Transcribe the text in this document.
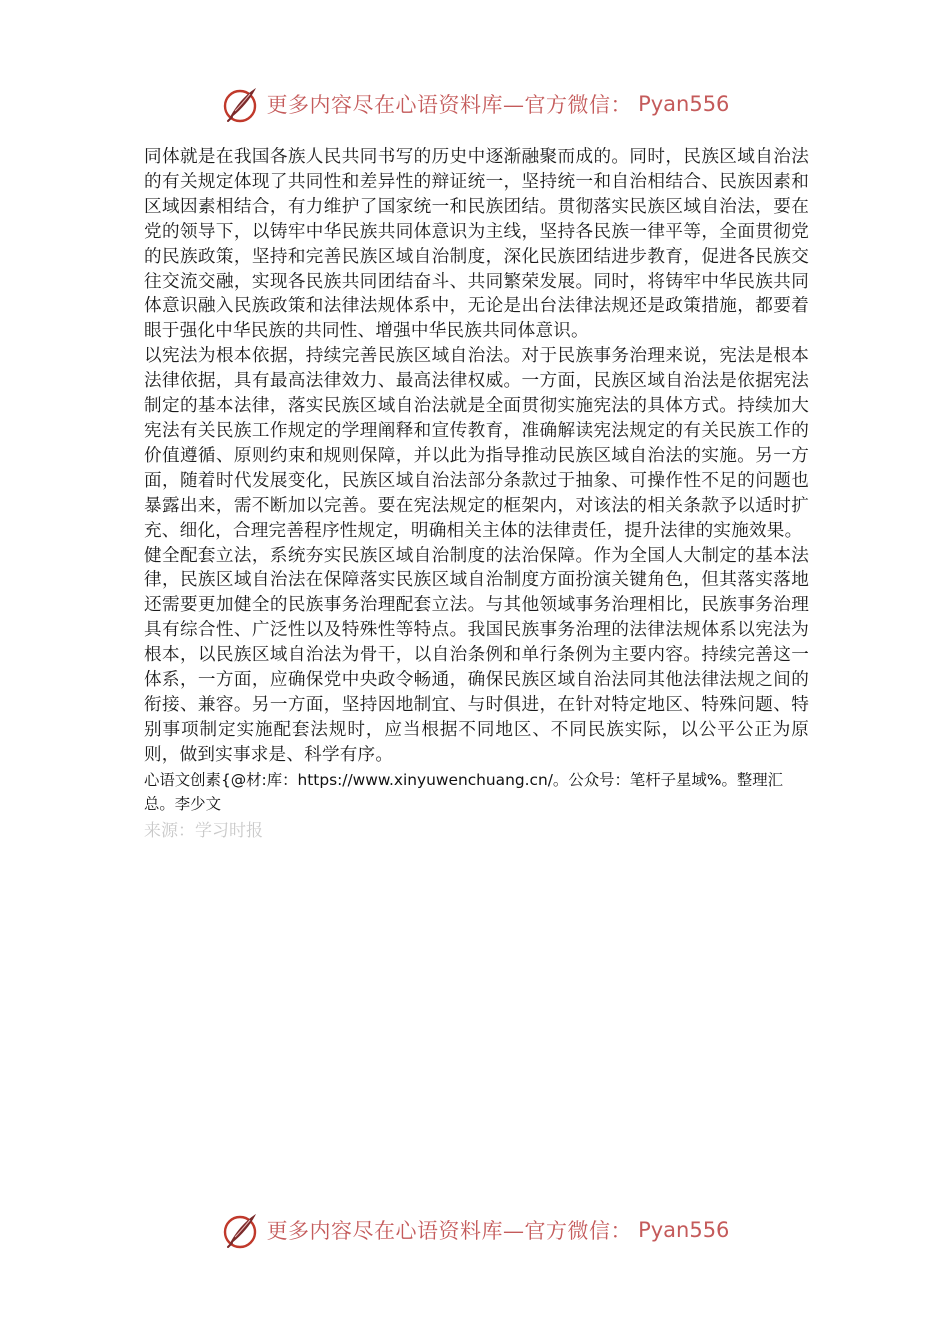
更多内容尽在心语资料库—官方微信： Pyan556

同体就是在我国各族人民共同书写的历史中逐渐融聚而成的。同时，民族区域自治法的有关规定体现了共同性和差异性的辩证统一，坚持统一和自治相结合、民族因素和区域因素相结合，有力维护了国家统一和民族团结。贯彻落实民族区域自治法，要在党的领导下，以铸牢中华民族共同体意识为主线，坚持各民族一律平等，全面贯彻党的民族政策，坚持和完善民族区域自治制度，深化民族团结进步教育，促进各民族交往交流交融，实现各民族共同团结奋斗、共同繁荣发展。同时，将铸牢中华民族共同体意识融入民族政策和法律法规体系中，无论是出台法律法规还是政策措施，都要着眼于强化中华民族的共同性、增强中华民族共同体意识。

以宪法为根本依据，持续完善民族区域自治法。对于民族事务治理来说，宪法是根本法律依据，具有最高法律效力、最高法律权威。一方面，民族区域自治法是依据宪法制定的基本法律，落实民族区域自治法就是全面贯彻实施宪法的具体方式。持续加大宪法有关民族工作规定的学理阐释和宣传教育，准确解读宪法规定的有关民族工作的价值遵循、原则约束和规则保障，并以此为指导推动民族区域自治法的实施。另一方面，随着时代发展变化，民族区域自治法部分条款过于抽象、可操作性不足的问题也暴露出来，需不断加以完善。要在宪法规定的框架内，对该法的相关条款予以适时扩充、细化，合理完善程序性规定，明确相关主体的法律责任，提升法律的实施效果。

健全配套立法，系统夯实民族区域自治制度的法治保障。作为全国人大制定的基本法律，民族区域自治法在保障落实民族区域自治制度方面扮演关键角色，但其落实落地还需要更加健全的民族事务治理配套立法。与其他领域事务治理相比，民族事务治理具有综合性、广泛性以及特殊性等特点。我国民族事务治理的法律法规体系以宪法为根本，以民族区域自治法为骨干，以自治条例和单行条例为主要内容。持续完善这一体系，一方面，应确保党中央政令畅通，确保民族区域自治法同其他法律法规之间的衔接、兼容。另一方面，坚持因地制宜、与时俱进，在针对特定地区、特殊问题、特别事项制定实施配套法规时，应当根据不同地区、不同民族实际，以公平公正为原则，做到实事求是、科学有序。

心语文创素{@材:库：https://www.xinyuwenchuang.cn/。公众号：笔杆子星域%。整理汇总。李少文

来源：学习时报

更多内容尽在心语资料库—官方微信： Pyan556
